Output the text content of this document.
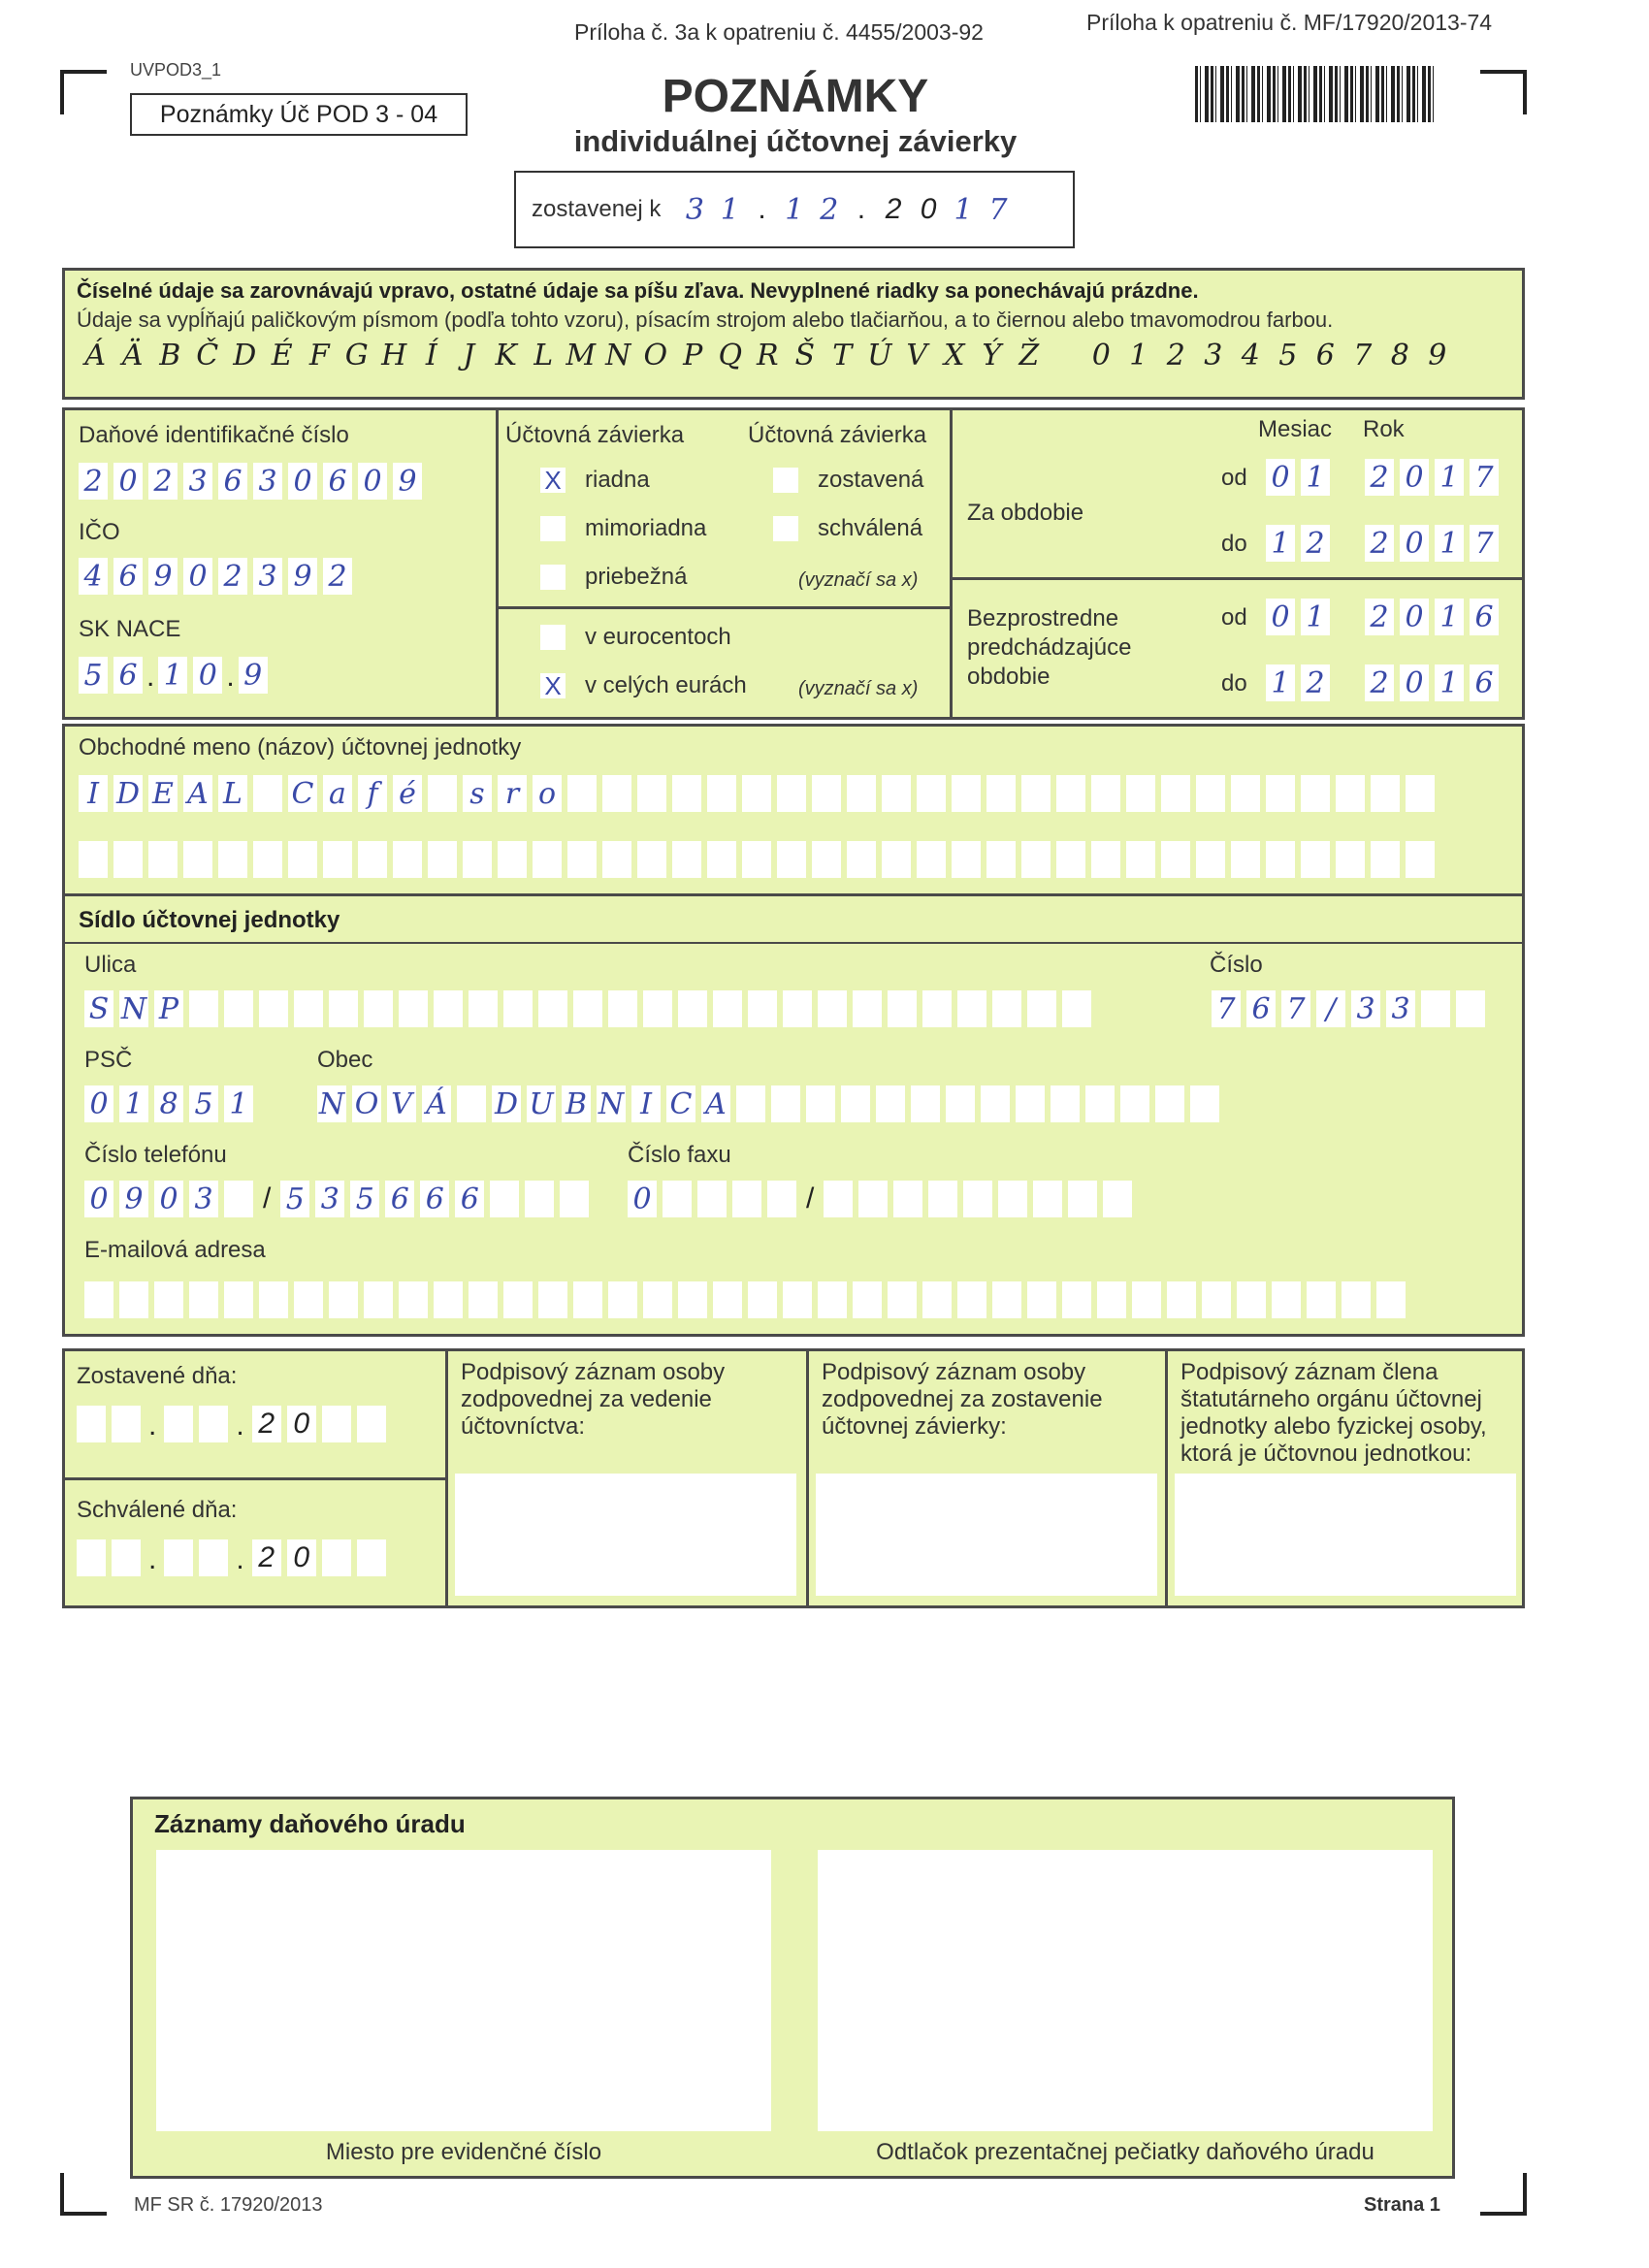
Príloha č. 3a k opatreniu č. 4455/2003-92	Príloha k opatreniu č. MF/17920/2013-74
UVPOD3_1
Poznámky Úč POD 3 - 04	POZNÁMKY
individuálnej účtovnej závierky
zostavenej k 3 1 . 1 2 . 2 0 1 7
Číselné údaje sa zarovnávajú vpravo, ostatné údaje sa píšu zľava. Nevyplnené riadky sa ponechávajú prázdne.
Údaje sa vypĺňajú paličkovým písmom (podľa tohto vzoru), písacím strojom alebo tlačiarňou, a to čiernou alebo tmavomodrou farbou.
Á Ä B Č D É F G H Í J K L M N O P Q R Š T Ú V X Ý Ž	0 1 2 3 4 5 6 7 8 9
Daňové identifikačné číslo
2 0 2 3 6 3 0 6 0 9
IČO
4 6 9 0 2 3 9 2
SK NACE
5 6 . 1 0 . 9
Účtovná závierka	Účtovná závierka
X riadna
mimoriadna
priebežná
zostavená
schválená
(vyznačí sa x)
v eurocentoch
X v celých eurách	(vyznačí sa x)
Mesiac Rok
Za obdobie
od 0 1 2 0 1 7
do 1 2 2 0 1 7
Bezprostredne predchádzajúce obdobie
od 0 1 2 0 1 6
do 1 2 2 0 1 6
Obchodné meno (názov) účtovnej jednotky
I D E A L C a f é s r o
Sídlo účtovnej jednotky
Ulica	Číslo
S N P	7 6 7 / 3 3
PSČ	Obec
0 1 8 5 1 N O V Á D U B N I C A
Číslo telefónu	Číslo faxu
0 9 0 3 / 5 3 5 6 6 6	0	/
E-mailová adresa
Zostavené dňa:
.	. 2 0
Schválené dňa:
.	. 2 0
Podpisový záznam osoby zodpovednej za vedenie účtovníctva:
Podpisový záznam osoby zodpovednej za zostavenie účtovnej závierky:
Podpisový záznam člena štatutárneho orgánu účtovnej jednotky alebo fyzickej osoby, ktorá je účtovnou jednotkou:
Záznamy daňového úradu
Miesto pre evidenčné číslo	Odtlačok prezentačnej pečiatky daňového úradu
MF SR č. 17920/2013	Strana 1
